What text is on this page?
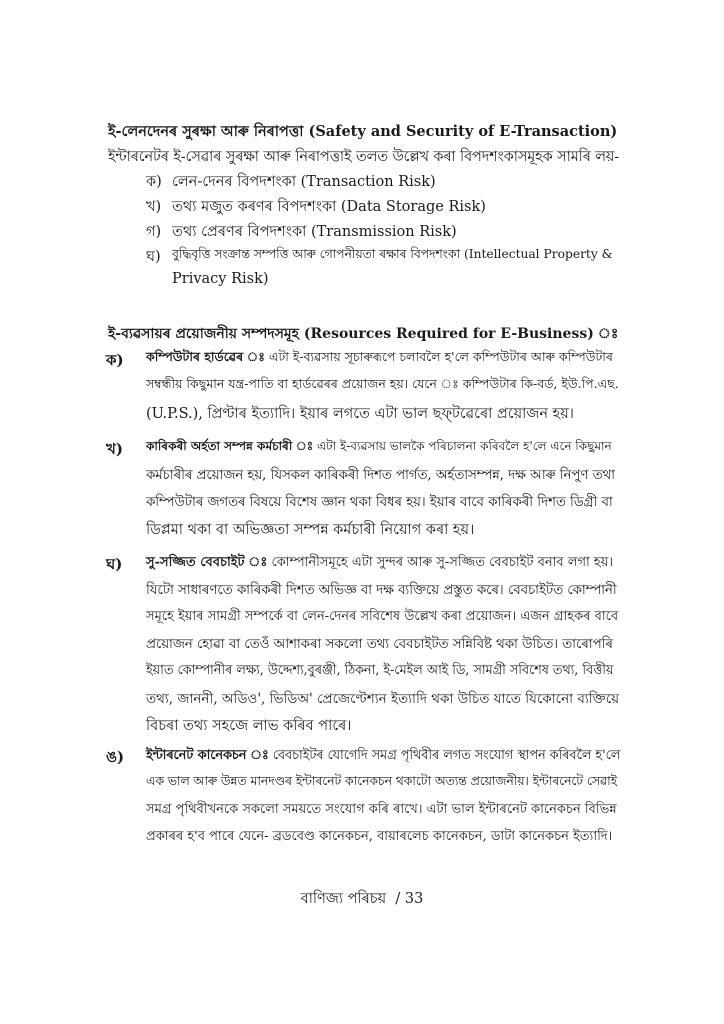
ই-লেনদেনৰ সুৰক্ষা আৰু নিৰাপত্তা (Safety and Security of E-Transaction)
ইন্টাৰনেটৰ ই-সেৱাৰ সুৰক্ষা আৰু নিৰাপত্তাই তলত উল্লেখ কৰা বিপদশংকাসমূহক সামৰি লয়-
ক) লেন-দেনৰ বিপদশংকা (Transaction Risk)
খ) তথ্য মজুত কৰণৰ বিপদশংকা (Data Storage Risk)
গ) তথ্য প্ৰেৰণৰ বিপদশংকা (Transmission Risk)
ঘ) বুদ্ধিবৃত্তি সংক্ৰান্ত সম্পত্তি আৰু গোপনীয়তা ৰক্ষাৰ বিপদশংকা (Intellectual Property &
Privacy Risk)
ই-ব্যৱসায়ৰ প্ৰয়োজনীয় সম্পদসমূহ (Resources Required for E-Business) ঃ
ক) কম্পিউটাৰ হাৰ্ডৱেৰ ঃ এটা ই-ব্যৱসায় সূচাৰুৰূপে চলাবলৈ হ'লে কম্পিউটাৰ আৰু কম্পিউটাৰ
সম্বন্ধীয় কিছুমান যন্ত্ৰ-পাতি বা হাৰ্ডৱেৰৰ প্ৰয়োজন হয়। যেনে ঃ কম্পিউটাৰ কি-বৰ্ড, ইউ.পি.এছ.
(U.P.S.), প্ৰিণ্টাৰ ইত্যাদি। ইয়াৰ লগতে এটা ভাল ছফ্‌টৱেৰো প্ৰয়োজন হয়।
খ) কাৰিকৰী অৰ্হতা সম্পন্ন কৰ্মচাৰী ঃ এটা ই-ব্যৱসায় ভালকৈ পৰিচালনা কৰিবলৈ হ'লে এনে কিছুমান
কৰ্মচাৰীৰ প্ৰয়োজন হয়, যিসকল কাৰিকৰী দিশত পাৰ্গত, অৰ্হতাসম্পন্ন, দক্ষ আৰু নিপুণ তথা
কম্পিউটাৰ জগতৰ বিষয়ে বিশেষ জ্ঞান থকা বিধৰ হয়। ইয়াৰ বাবে কাৰিকৰী দিশত ডিগ্ৰী বা
ডিপ্লমা থকা বা অভিজ্ঞতা সম্পন্ন কৰ্মচাৰী নিয়োগ কৰা হয়।
ঘ) সু-সজ্জিত বেবচাইট ঃ কোম্পানীসমূহে এটা সুন্দৰ আৰু সু-সজ্জিত বেবচাইট বনাব লগা হয়।
যিটো সাধাৰণতে কাৰিকৰী দিশত অভিজ্ঞ বা দক্ষ ব্যক্তিয়ে প্ৰস্তুত কৰে। বেবচাইটত কোম্পানী
সমূহে ইয়াৰ সামগ্ৰী সম্পৰ্কে বা লেন-দেনৰ সবিশেষ উল্লেখ কৰা প্ৰয়োজন। এজন গ্ৰাহকৰ বাবে
প্ৰয়োজন হোৱা বা তেওঁ আশাকৰা সকলো তথ্য বেবচাইটত সন্নিবিষ্ট থকা উচিত। তাৰোপৰি
ইয়াত কোম্পানীৰ লক্ষ্য, উদ্দেশ্য,বুৰঞ্জী, ঠিকনা, ই-মেইল আই ডি, সামগ্ৰী সবিশেষ তথ্য, বিত্তীয়
তথ্য, জাননী, অডিও', ভিডিঅ' প্ৰেজেণ্টেশ্যন ইত্যাদি থকা উচিত যাতে যিকোনো ব্যক্তিয়ে
বিচৰা তথ্য সহজে লাভ কৰিব পাৰে।
ঙ) ইন্টাৰনেট কানেকচন ঃ বেবচাইটৰ যোগেদি সমগ্ৰ পৃথিবীৰ লগত সংযোগ স্থাপন কৰিবলৈ হ'লে
এক ভাল আৰু উন্নত মানদণ্ডৰ ইন্টাৰনেট কানেকচন থকাটো অত্যন্ত প্ৰয়োজনীয়। ইন্টাৰনেটে সেৱাই
সমগ্ৰ পৃথিবীখনকে সকলো সময়তে সংযোগ কৰি ৰাখে। এটা ভাল ইন্টাৰনেট কানেকচন বিভিন্ন
প্ৰকাৰৰ হ'ব পাৰে যেনে- ব্ৰডবেণ্ড কানেকচন, বায়াৰলেচ কানেকচন, ডাটা কানেকচন ইত্যাদি।
বাণিজ্য পৰিচয় / 33
